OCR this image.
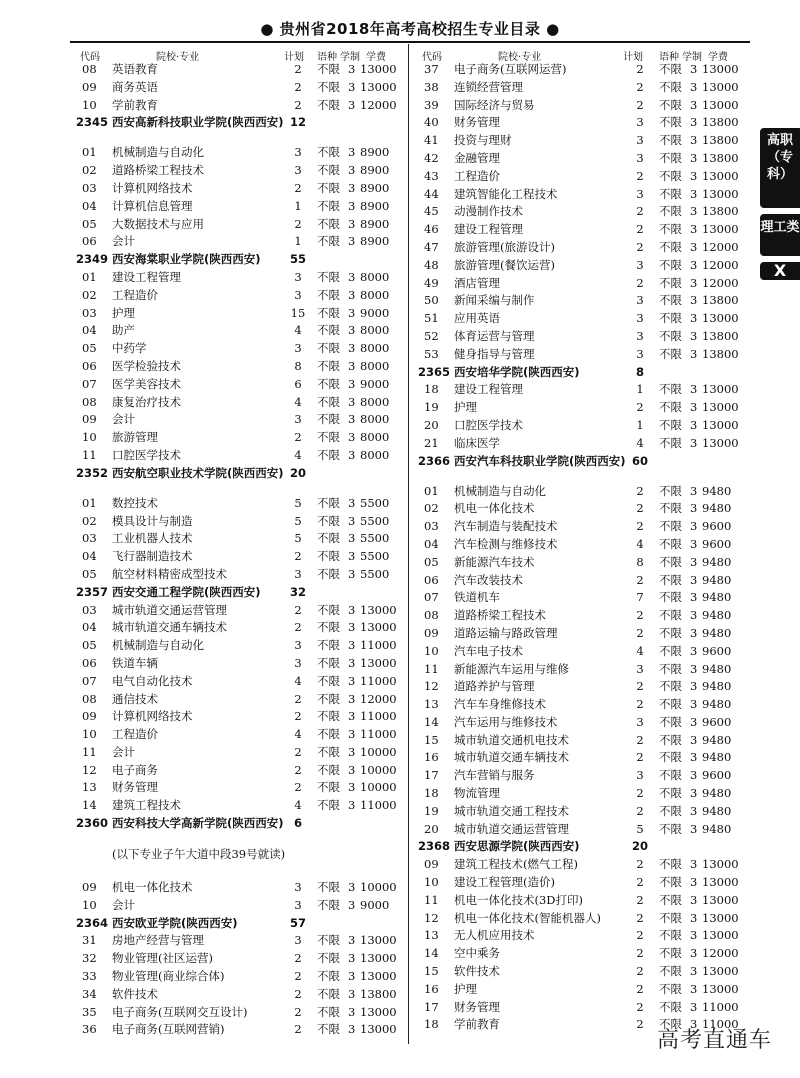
● 贵州省2018年高考高校招生专业目录 ●
代码	院校·专业	计划 语种 学制 学费
08 英语教育	2	不限 3 13000
09 商务英语	2	不限 3 13000
10 学前教育	2	不限 3 12000
2345 西安高新科技职业学院(陕西西安) 12
01 机械制造与自动化	3	不限 3 8900
02 道路桥梁工程技术	3	不限 3 8900
03 计算机网络技术	2	不限 3 8900
04 计算机信息管理	1	不限 3 8900
05 大数据技术与应用	2	不限 3 8900
06 会计	1	不限 3 8900
2349 西安海棠职业学院(陕西西安)	55
01 建设工程管理	3	不限 3 8000
02 工程造价	3	不限 3 8000
03 护理	15 不限 3 9000
04 助产	4	不限 3 8000
05 中药学	3	不限 3 8000
06 医学检验技术	8	不限 3 8000
07 医学美容技术	6	不限 3 9000
08 康复治疗技术	4	不限 3 8000
09 会计	3	不限 3 8000
10 旅游管理	2	不限 3 8000
11 口腔医学技术	4	不限 3 8000
2352 西安航空职业技术学院(陕西西安) 20
01 数控技术	5	不限 3 5500
02 模具设计与制造	5	不限 3 5500
03 工业机器人技术	5	不限 3 5500
04 飞行器制造技术	2	不限 3 5500
05 航空材料精密成型技术	3	不限 3 5500
2357 西安交通工程学院(陕西西安)	32
03 城市轨道交通运营管理	2	不限 3 13000
04 城市轨道交通车辆技术	2	不限 3 13000
05 机械制造与自动化	3	不限 3 11000
06 铁道车辆	3	不限 3 13000
07 电气自动化技术	4	不限 3 11000
08 通信技术	2	不限 3 12000
09 计算机网络技术	2	不限 3 11000
10 工程造价	4	不限 3 11000
11 会计	2	不限 3 10000
12 电子商务	2	不限 3 10000
13 财务管理	2	不限 3 10000
14 建筑工程技术	4	不限 3 11000
2360 西安科技大学高新学院(陕西西安) 6
(以下专业子午大道中段39号就读)
09 机电一体化技术	3	不限 3 10000
10 会计	3	不限 3 9000
2364 西安欧亚学院(陕西西安)	57
31 房地产经营与管理	3	不限 3 13000
32 物业管理(社区运营)	2	不限 3 13000
33 物业管理(商业综合体)	2	不限 3 13000
34 软件技术	2	不限 3 13800
35 电子商务(互联网交互设计)	2	不限 3 13000
36 电子商务(互联网营销)	2	不限 3 13000
代码	院校·专业	计划 语种 学制 学费
37 电子商务(互联网运营)	2	不限 3 13000
38 连锁经营管理	2	不限 3 13000
39 国际经济与贸易	2	不限 3 13000
40 财务管理	3	不限 3 13800
41 投资与理财	3	不限 3 13800
42 金融管理	3	不限 3 13800
43 工程造价	2	不限 3 13000
44 建筑智能化工程技术	3	不限 3 13000
45 动漫制作技术	2	不限 3 13800
46 建设工程管理	2	不限 3 13000
47 旅游管理(旅游设计)	2	不限 3 12000
48 旅游管理(餐饮运营)	3	不限 3 12000
49 酒店管理	2	不限 3 12000
50 新闻采编与制作	3	不限 3 13800
51 应用英语	3	不限 3 13000
52 体育运营与管理	3	不限 3 13800
53 健身指导与管理	3	不限 3 13800
2365 西安培华学院(陕西西安)	8
18 建设工程管理	1	不限 3 13000
19 护理	2	不限 3 13000
20 口腔医学技术	1	不限 3 13000
21 临床医学	4	不限 3 13000
2366 西安汽车科技职业学院(陕西西安) 60
01 机械制造与自动化	2	不限 3 9480
02 机电一体化技术	2	不限 3 9480
03 汽车制造与装配技术	2	不限 3 9600
04 汽车检测与维修技术	4	不限 3 9600
05 新能源汽车技术	8	不限 3 9480
06 汽车改装技术	2	不限 3 9480
07 铁道机车	7	不限 3 9480
08 道路桥梁工程技术	2	不限 3 9480
09 道路运输与路政管理	2	不限 3 9480
10 汽车电子技术	4	不限 3 9600
11 新能源汽车运用与维修	3	不限 3 9480
12 道路养护与管理	2	不限 3 9480
13 汽车车身维修技术	2	不限 3 9480
14 汽车运用与维修技术	3	不限 3 9600
15 城市轨道交通机电技术	2	不限 3 9480
16 城市轨道交通车辆技术	2	不限 3 9480
17 汽车营销与服务	3	不限 3 9600
18 物流管理	2	不限 3 9480
19 城市轨道交通工程技术	2	不限 3 9480
20 城市轨道交通运营管理	5	不限 3 9480
2368 西安思源学院(陕西西安)	20
09 建筑工程技术(燃气工程)	2	不限 3 13000
10 建设工程管理(造价)	2	不限 3 13000
11 机电一体化技术(3D打印)	2	不限 3 13000
12 机电一体化技术(智能机器人)	2	不限 3 13000
13 无人机应用技术	2	不限 3 13000
14 空中乘务	2	不限 3 12000
15 软件技术	2	不限 3 13000
16 护理	2	不限 3 13000
17 财务管理	2	不限 3 11000
18 学前教育	2	不限 3 11000
高职（专科）
理工类
X
高考直通车
